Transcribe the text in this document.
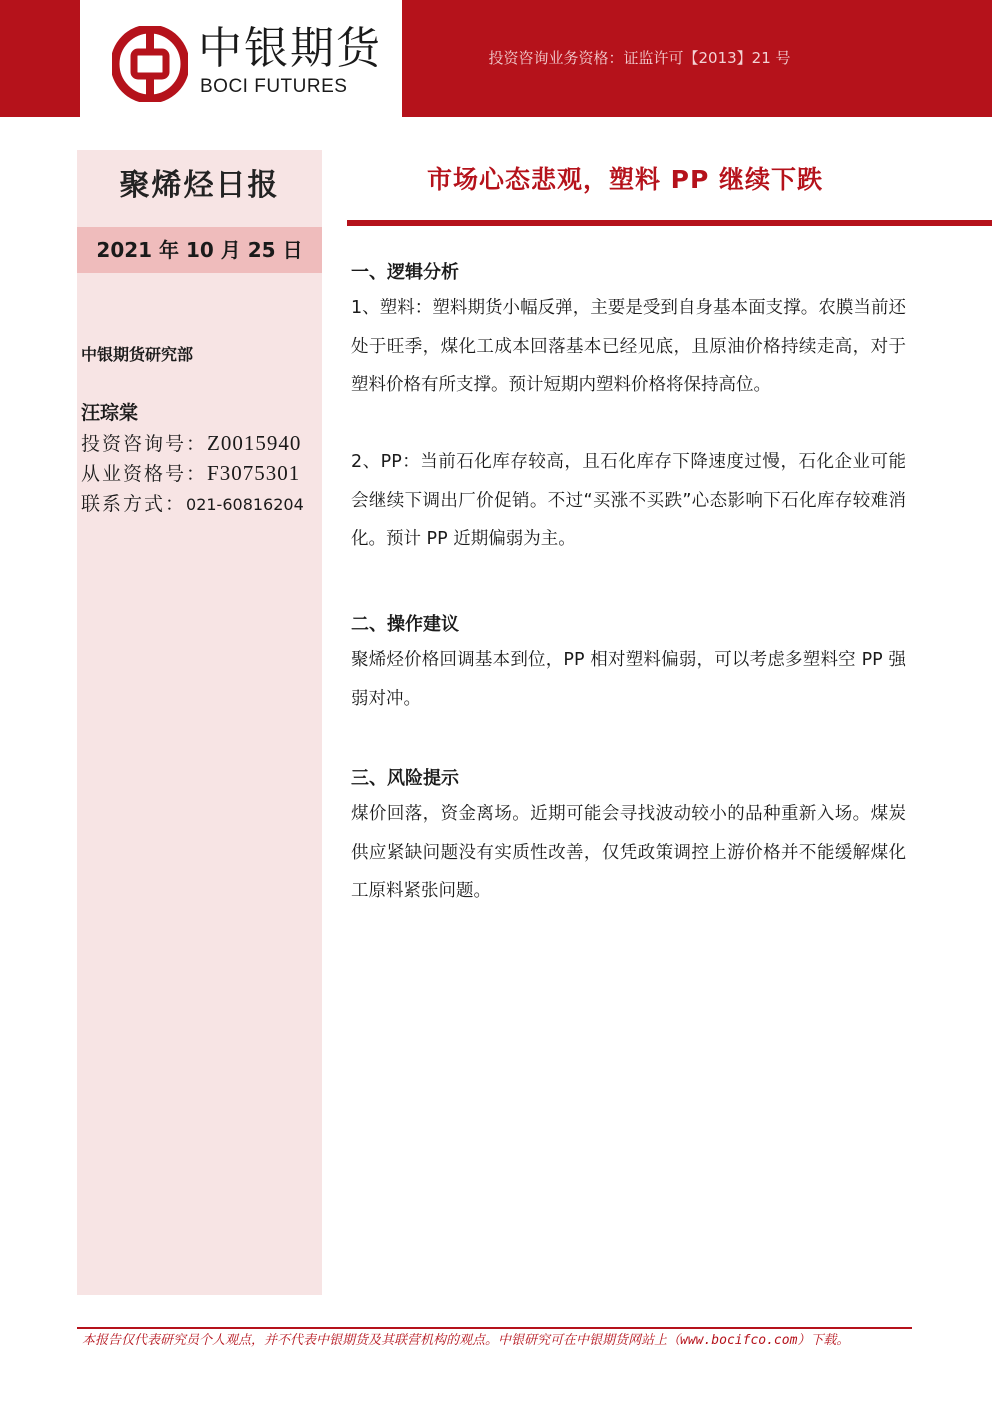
中银期货
BOCI FUTURES
投资咨询业务资格：证监许可【2013】21 号
聚烯烃日报
2021 年 10 月 25 日
中银期货研究部
汪琮棠
投资咨询号：Z0015940
从业资格号：F3075301
联系方式：021-60816204
市场心态悲观，塑料 PP 继续下跌
一、逻辑分析
1、塑料：塑料期货小幅反弹，主要是受到自身基本面支撑。农膜当前还处于旺季，煤化工成本回落基本已经见底，且原油价格持续走高，对于塑料价格有所支撑。预计短期内塑料价格将保持高位。
2、PP：当前石化库存较高，且石化库存下降速度过慢，石化企业可能会继续下调出厂价促销。不过“买涨不买跌”心态影响下石化库存较难消化。预计 PP 近期偏弱为主。
二、操作建议
聚烯烃价格回调基本到位，PP 相对塑料偏弱，可以考虑多塑料空 PP 强弱对冲。
三、风险提示
煤价回落，资金离场。近期可能会寻找波动较小的品种重新入场。煤炭供应紧缺问题没有实质性改善，仅凭政策调控上游价格并不能缓解煤化工原料紧张问题。
本报告仅代表研究员个人观点，并不代表中银期货及其联营机构的观点。中银研究可在中银期货网站上（www.bocifco.com）下载。
